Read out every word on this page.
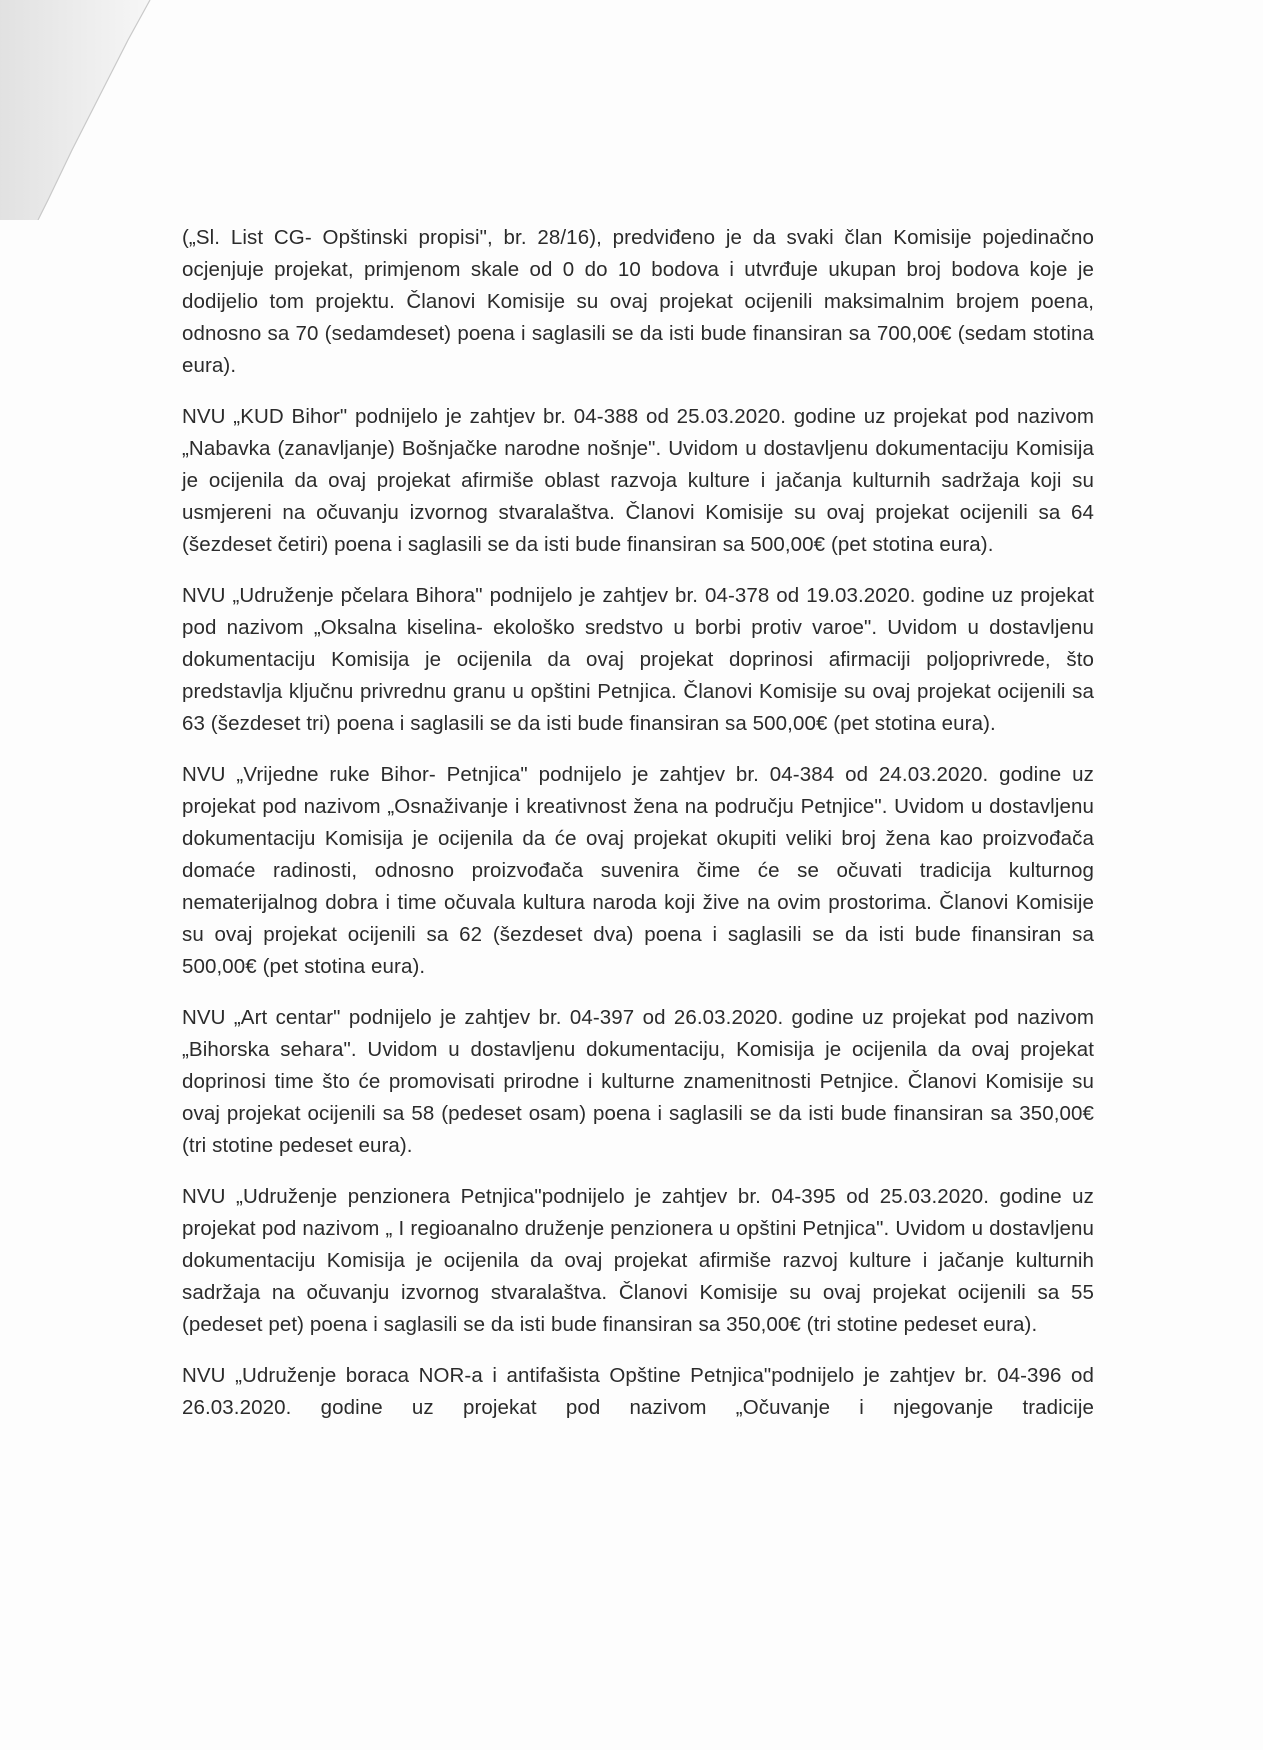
(„Sl. List CG- Opštinski propisi", br. 28/16), predviđeno je da svaki član Komisije pojedinačno ocjenjuje projekat, primjenom skale od 0 do 10 bodova i utvrđuje ukupan broj bodova koje je dodijelio tom projektu. Članovi Komisije su ovaj projekat ocijenili maksimalnim brojem poena, odnosno sa 70 (sedamdeset) poena i saglasili se da isti bude finansiran sa 700,00€ (sedam stotina eura).

NVU „KUD Bihor" podnijelo je zahtjev br. 04-388 od 25.03.2020. godine uz projekat pod nazivom „Nabavka (zanavljanje) Bošnjačke narodne nošnje". Uvidom u dostavljenu dokumentaciju Komisija je ocijenila da ovaj projekat afirmiše oblast razvoja kulture i jačanja kulturnih sadržaja koji su usmjereni na očuvanju izvornog stvaralaštva. Članovi Komisije su ovaj projekat ocijenili sa 64 (šezdeset četiri) poena i saglasili se da isti bude finansiran sa 500,00€ (pet stotina eura).

NVU „Udruženje pčelara Bihora" podnijelo je zahtjev br. 04-378 od 19.03.2020. godine uz projekat pod nazivom „Oksalna kiselina- ekološko sredstvo u borbi protiv varoe". Uvidom u dostavljenu dokumentaciju Komisija je ocijenila da ovaj projekat doprinosi afirmaciji poljoprivrede, što predstavlja ključnu privrednu granu u opštini Petnjica. Članovi Komisije su ovaj projekat ocijenili sa 63 (šezdeset tri) poena i saglasili se da isti bude finansiran sa 500,00€ (pet stotina eura).

NVU „Vrijedne ruke Bihor- Petnjica" podnijelo je zahtjev br. 04-384 od 24.03.2020. godine uz projekat pod nazivom „Osnaživanje i kreativnost žena na području Petnjice". Uvidom u dostavljenu dokumentaciju Komisija je ocijenila da će ovaj projekat okupiti veliki broj žena kao proizvođača domaće radinosti, odnosno proizvođača suvenira čime će se očuvati tradicija kulturnog nematerijalnog dobra i time očuvala kultura naroda koji žive na ovim prostorima. Članovi Komisije su ovaj projekat ocijenili sa 62 (šezdeset dva) poena i saglasili se da isti bude finansiran sa 500,00€ (pet stotina eura).

NVU „Art centar" podnijelo je zahtjev br. 04-397 od 26.03.2020. godine uz projekat pod nazivom „Bihorska sehara". Uvidom u dostavljenu dokumentaciju, Komisija je ocijenila da ovaj projekat doprinosi time što će promovisati prirodne i kulturne znamenitnosti Petnjice. Članovi Komisije su ovaj projekat ocijenili sa 58 (pedeset osam) poena i saglasili se da isti bude finansiran sa 350,00€ (tri stotine pedeset eura).

NVU „Udruženje penzionera Petnjica"podnijelo je zahtjev br. 04-395 od 25.03.2020. godine uz projekat pod nazivom „ I regioanalno druženje penzionera u opštini Petnjica". Uvidom u dostavljenu dokumentaciju Komisija je ocijenila da ovaj projekat afirmiše razvoj kulture i jačanje kulturnih sadržaja na očuvanju izvornog stvaralaštva. Članovi Komisije su ovaj projekat ocijenili sa 55 (pedeset pet) poena i saglasili se da isti bude finansiran sa 350,00€ (tri stotine pedeset eura).

NVU „Udruženje boraca NOR-a i antifašista Opštine Petnjica"podnijelo je zahtjev br. 04-396 od 26.03.2020. godine uz projekat pod nazivom „Očuvanje i njegovanje tradicije
